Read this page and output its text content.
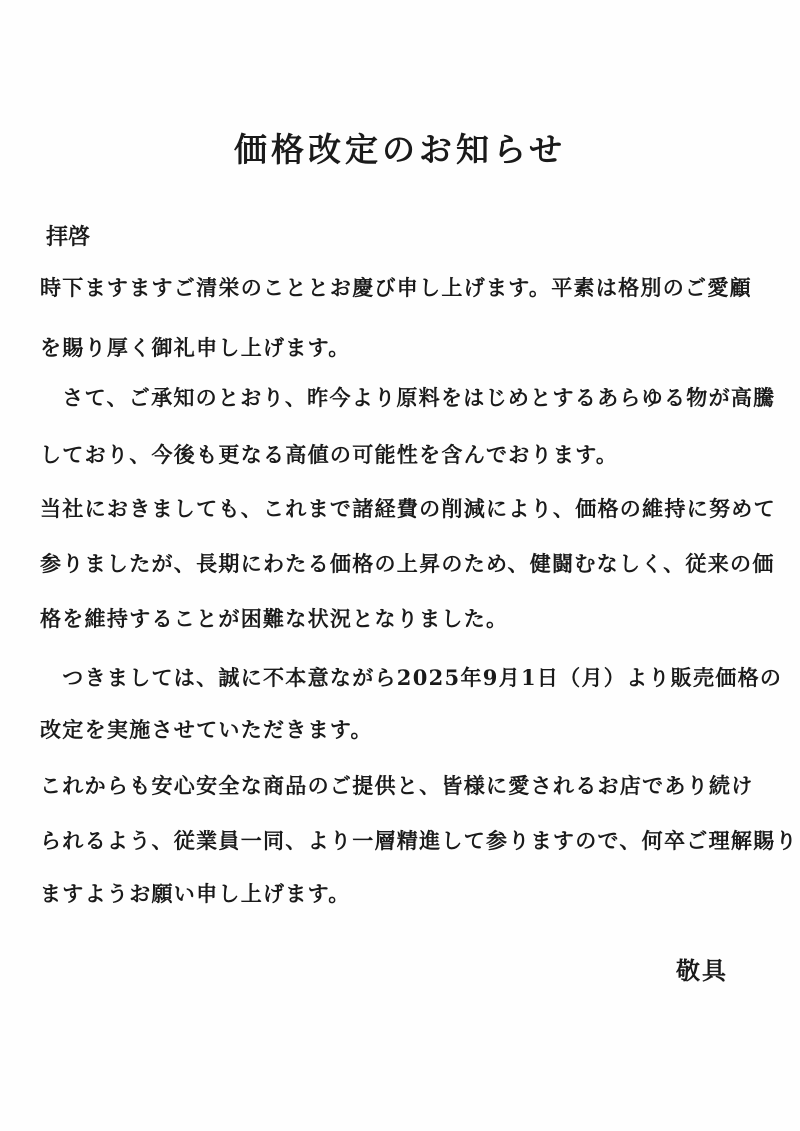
価格改定のお知らせ
拝啓
時下ますますご清栄のこととお慶び申し上げます。平素は格別のご愛顧
を賜り厚く御礼申し上げます。
　さて、ご承知のとおり、昨今より原料をはじめとするあらゆる物が高騰
しており、今後も更なる高値の可能性を含んでおります。
当社におきましても、これまで諸経費の削減により、価格の維持に努めて
参りましたが、長期にわたる価格の上昇のため、健闘むなしく、従来の価
格を維持することが困難な状況となりました。
　つきましては、誠に不本意ながら2025年9月1日（月）より販売価格の
改定を実施させていただきます。
これからも安心安全な商品のご提供と、皆様に愛されるお店であり続け
られるよう、従業員一同、より一層精進して参りますので、何卒ご理解賜り
ますようお願い申し上げます。
敬具
